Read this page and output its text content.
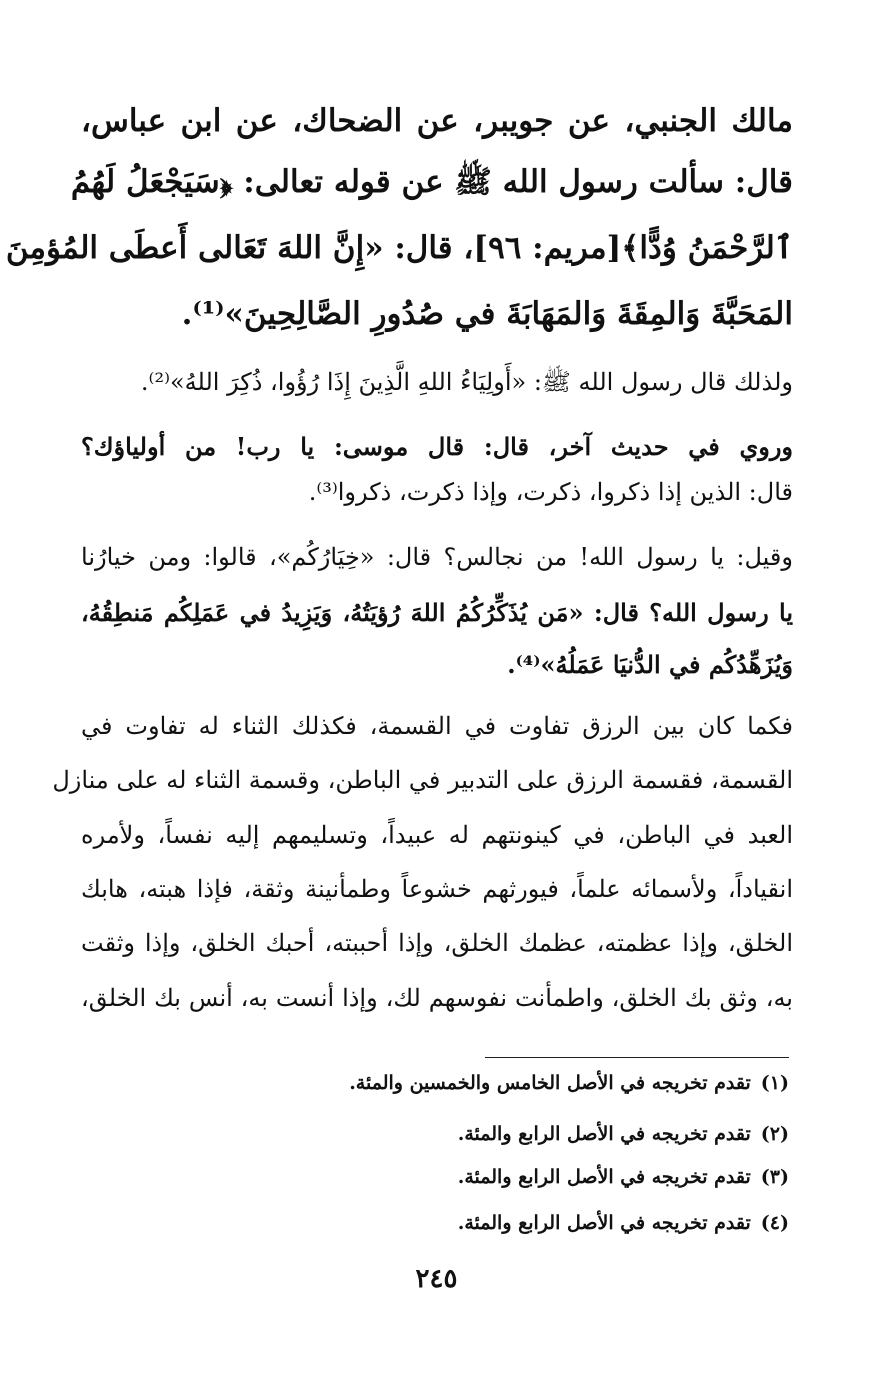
مالك الجنبي، عن جويبر، عن الضحاك، عن ابن عباس،
قال: سألت رسول الله ﷺ عن قوله تعالى: ﴿سَيَجْعَلُ لَهُمُ
ٱلرَّحْمَنُ وُدًّا﴾[مريم: ٩٦]، قال: «إِنَّ اللهَ تَعَالى أَعطَى المُؤمِنَ
المَحَبَّةَ وَالمِقَةَ وَالمَهَابَةَ في صُدُورِ الصَّالِحِينَ»⁽¹⁾.
ولذلك قال رسول الله ﷺ: «أَولِيَاءُ اللهِ الَّذِينَ إِذَا رُؤُوا، ذُكِرَ اللهُ»⁽²⁾.
وروي في حديث آخر، قال: قال موسى: يا رب! من أولياؤك؟
قال: الذين إذا ذكروا، ذكرت، وإذا ذكرت، ذكروا⁽³⁾.
وقيل: يا رسول الله! من نجالس؟ قال: «خِيَارُكُم»، قالوا: ومن خيارُنا
يا رسول الله؟ قال: «مَن يُذَكِّرُكُمُ اللهَ رُؤيَتُهُ، وَيَزِيدُ في عَمَلِكُم مَنطِقُهُ،
وَيُزَهِّدُكُم في الدُّنيَا عَمَلُهُ»⁽⁴⁾.
فكما كان بين الرزق تفاوت في القسمة، فكذلك الثناء له تفاوت في
القسمة، فقسمة الرزق على التدبير في الباطن، وقسمة الثناء له على منازل
العبد في الباطن، في كينونتهم له عبيداً، وتسليمهم إليه نفساً، ولأمره
انقياداً، ولأسمائه علماً، فيورثهم خشوعاً وطمأنينة وثقة، فإذا هبته، هابك
الخلق، وإذا عظمته، عظمك الخلق، وإذا أحببته، أحبك الخلق، وإذا وثقت
به، وثق بك الخلق، واطمأنت نفوسهم لك، وإذا أنست به، أنس بك الخلق،
(١)تقدم تخريجه في الأصل الخامس والخمسين والمئة.
(٢)تقدم تخريجه في الأصل الرابع والمئة.
(٣)تقدم تخريجه في الأصل الرابع والمئة.
(٤)تقدم تخريجه في الأصل الرابع والمئة.
٢٤٥
